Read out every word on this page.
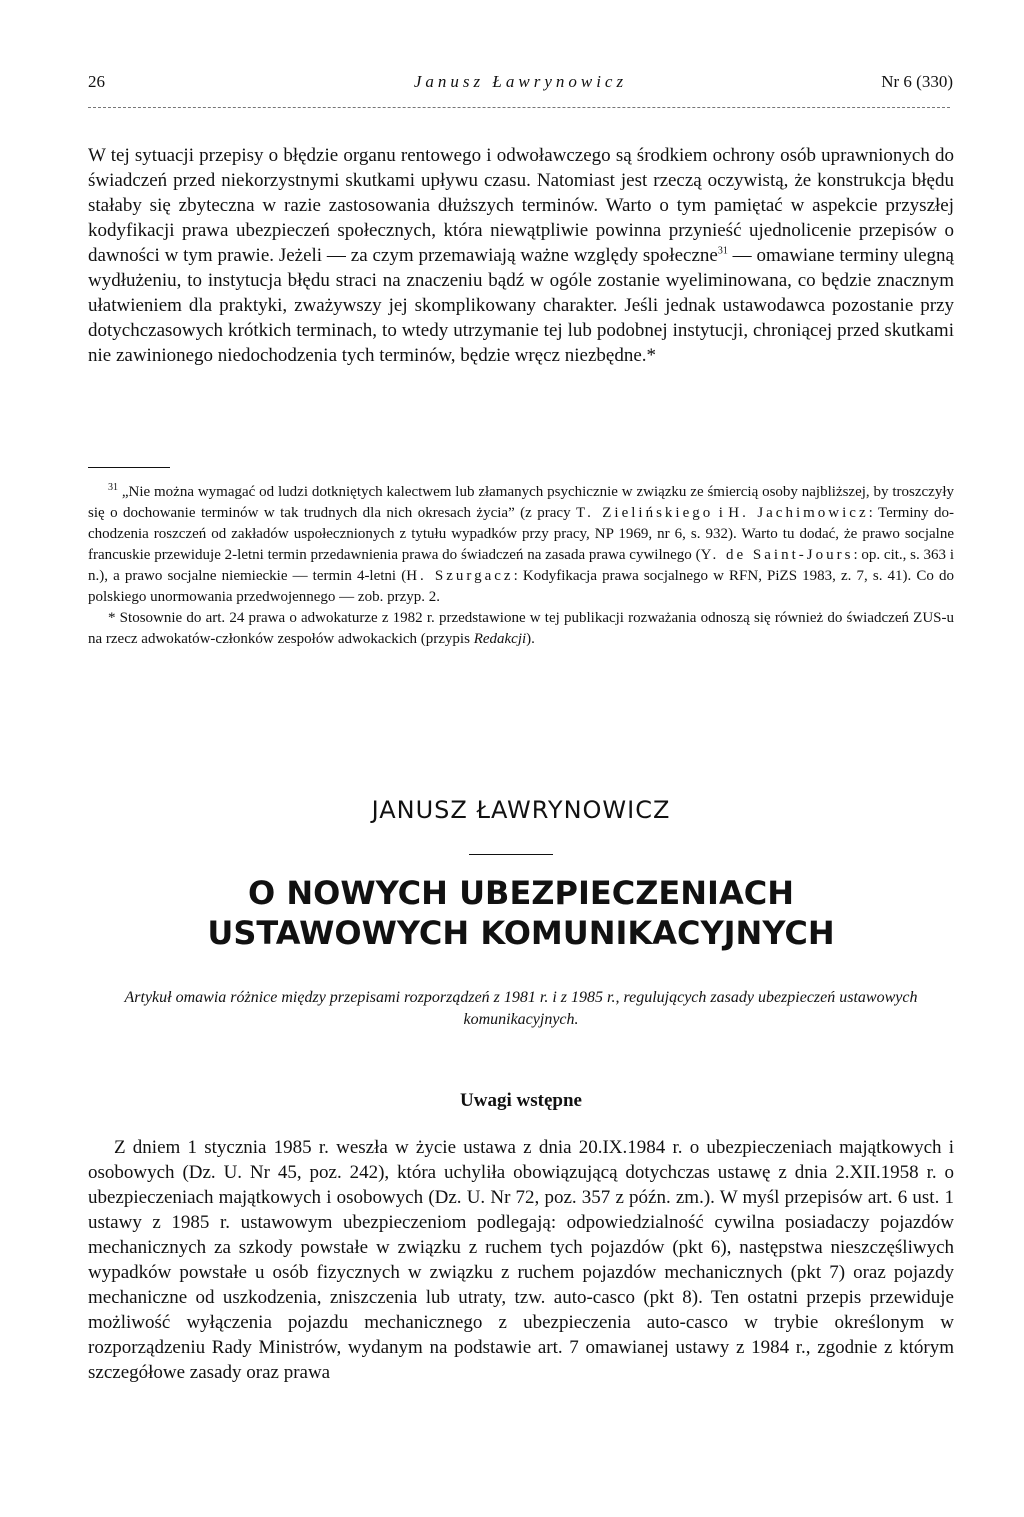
26	Janusz Ławrynowicz	Nr 6 (330)

W tej sytuacji przepisy o błędzie organu rentowego i odwoławczego są środkiem ochrony osób uprawnionych do świadczeń przed niekorzystnymi skutkami upływu czasu. Natomiast jest rzeczą oczywistą, że konstrukcja błędu stałaby się zbyteczna w razie zastosowania dłuższych terminów. Warto o tym pamiętać w aspekcie przyszłej kodyfikacji prawa ubezpieczeń społecznych, która niewątpliwie powinna przynieść ujednolicenie przepisów o dawności w tym prawie. Jeżeli — za czym przemawiają ważne względy społeczne$^{31}$ — omawiane terminy ulegną wydłużeniu, to instytucja błędu straci na znaczeniu bądź w ogóle zostanie wyeliminowana, co będzie znacznym ułatwieniem dla praktyki, zważywszy jej skomplikowany charakter. Jeśli jednak ustawodawca pozostanie przy dotychczasowych krótkich terminach, to wtedy utrzymanie tej lub podobnej instytucji, chroniącej przed skutkami nie zawinionego niedochodzenia tych terminów, będzie wręcz niezbędne.*

$^{31}$ „Nie można wymagać od ludzi dotkniętych kalectwem lub złamanych psychicznie w związku ze śmiercią osoby najbliższej, by troszczyły się o dochowanie terminów w tak trudnych dla nich okresach życia” (z pracy T. Zielińskiego i H. Jachimowicz: Terminy dochodzenia roszczeń od zakładów uspołecznionych z tytułu wypadków przy pracy, NP 1969, nr 6, s. 932). Warto tu dodać, że prawo socjalne francuskie przewiduje 2-letni termin przedawnienia prawa do świadczeń na zasada prawa cywilnego (Y. de Saint-Jours: op. cit., s. 363 i n.), a prawo socjalne niemieckie — termin 4-letni (H. Szurgacz: Kodyfikacja prawa socjalnego w RFN, PiZS 1983, z. 7, s. 41). Co do polskiego unormowania przedwojennego — zob. przyp. 2.

* Stosownie do art. 24 prawa o adwokaturze z 1982 r. przedstawione w tej publikacji rozważania odnoszą się również do świadczeń ZUS-u na rzecz adwokatów-członków zespołów adwokackich (przypis Redakcji).

JANUSZ ŁAWRYNOWICZ
O NOWYCH UBEZPIECZENIACH
USTAWOWYCH KOMUNIKACYJNYCH
Artykuł omawia różnice między przepisami rozporządzeń z 1981 r. i z 1985 r., regulujących zasady ubezpieczeń ustawowych komunikacyjnych.
Uwagi wstępne

Z dniem 1 stycznia 1985 r. weszła w życie ustawa z dnia 20.IX.1984 r. o ubezpieczeniach majątkowych i osobowych (Dz. U. Nr 45, poz. 242), która uchyliła obowiązującą dotychczas ustawę z dnia 2.XII.1958 r. o ubezpieczeniach majątkowych i osobowych (Dz. U. Nr 72, poz. 357 z późn. zm.). W myśl przepisów art. 6 ust. 1 ustawy z 1985 r. ustawowym ubezpieczeniom podlegają: odpowiedzialność cywilna posiadaczy pojazdów mechanicznych za szkody powstałe w związku z ruchem tych pojazdów (pkt 6), następstwa nieszczęśliwych wypadków powstałe u osób fizycznych w związku z ruchem pojazdów mechanicznych (pkt 7) oraz pojazdy mechaniczne od uszkodzenia, zniszczenia lub utraty, tzw. auto-casco (pkt 8). Ten ostatni przepis przewiduje możliwość wyłączenia pojazdu mechanicznego z ubezpieczenia auto-casco w trybie określonym w rozporządzeniu Rady Ministrów, wydanym na podstawie art. 7 omawianej ustawy z 1984 r., zgodnie z którym szczegółowe zasady oraz prawa
